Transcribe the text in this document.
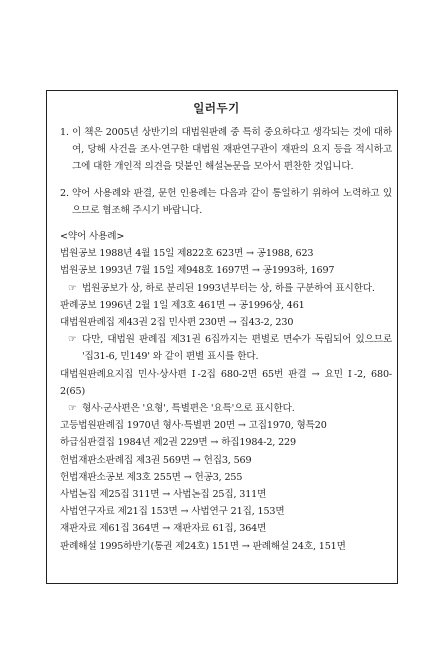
일러두기
1. 이 책은 2005년 상반기의 대법원판례 중 특히 중요하다고 생각되는 것에 대하여, 당해 사건을 조사·연구한 대법원 재판연구관이 재판의 요지 등을 적시하고 그에 대한 개인적 의견을 덧붙인 해설논문을 모아서 편찬한 것입니다.
2. 약어 사용례와 판결, 문헌 인용례는 다음과 같이 통일하기 위하여 노력하고 있으므로 협조해 주시기 바랍니다.
<약어 사용례>
법원공보 1988년 4월 15일 제822호 623면 → 공1988, 623
법원공보 1993년 7월 15일 제948호 1697면 → 공1993하, 1697
☞ 법원공보가 상, 하로 분리된 1993년부터는 상, 하를 구분하여 표시한다.
판례공보 1996년 2월 1일 제3호 461면 → 공1996상, 461
대법원판례집 제43권 2집 민사편 230면 → 집43-2, 230
☞ 다만, 대법원 판례집 제31권 6집까지는 편별로 면수가 독립되어 있으므로 '집31-6, 민149' 와 같이 편별 표시를 한다.
대법원판례요지집 민사·상사편 Ⅰ-2집 680-2면 65번 판결 → 요민 Ⅰ-2, 680-2(65)
☞ 형사·군사편은 '요형', 특별편은 '요특'으로 표시한다.
고등법원판례집 1970년 형사·특별편 20면 → 고집1970, 형특20
하급심판결집 1984년 제2권 229면 → 하집1984-2, 229
헌법재판소판례집 제3권 569면 → 헌집3, 569
헌법재판소공보 제3호 255면 → 헌공3, 255
사법논집 제25집 311면 → 사법논집 25집, 311면
사법연구자료 제21집 153면 → 사법연구 21집, 153면
재판자료 제61집 364면 → 재판자료 61집, 364면
판례해설 1995하반기(통권 제24호) 151면 → 판례해설 24호, 151면
